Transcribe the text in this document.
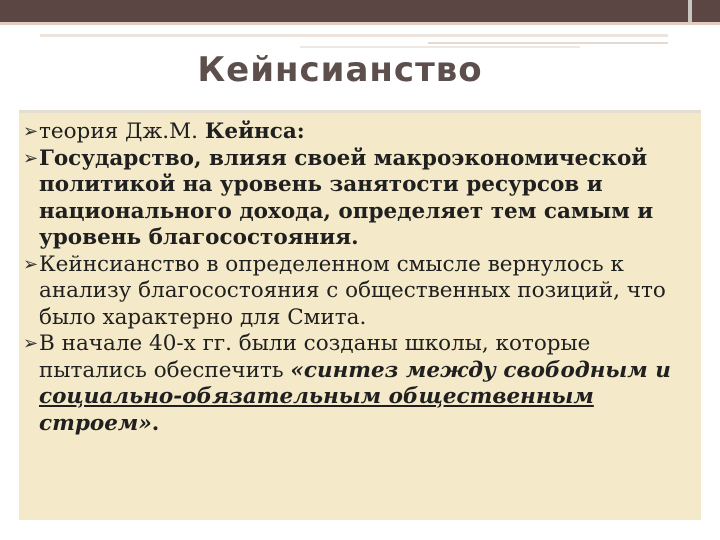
Кейнсианство
➢ теория Дж.М. Кейнса:
➢ Государство, влияя своей макроэкономической политикой на уровень занятости ресурсов и национального дохода, определяет тем самым и уровень благосостояния.
➢ Кейнсианство в определенном смысле вернулось к анализу благосостояния с общественных позиций, что было характерно для Смита.
➢ В начале 40-х гг. были созданы школы, которые пытались обеспечить «синтез между свободным и социально-обязательным общественным строем».
